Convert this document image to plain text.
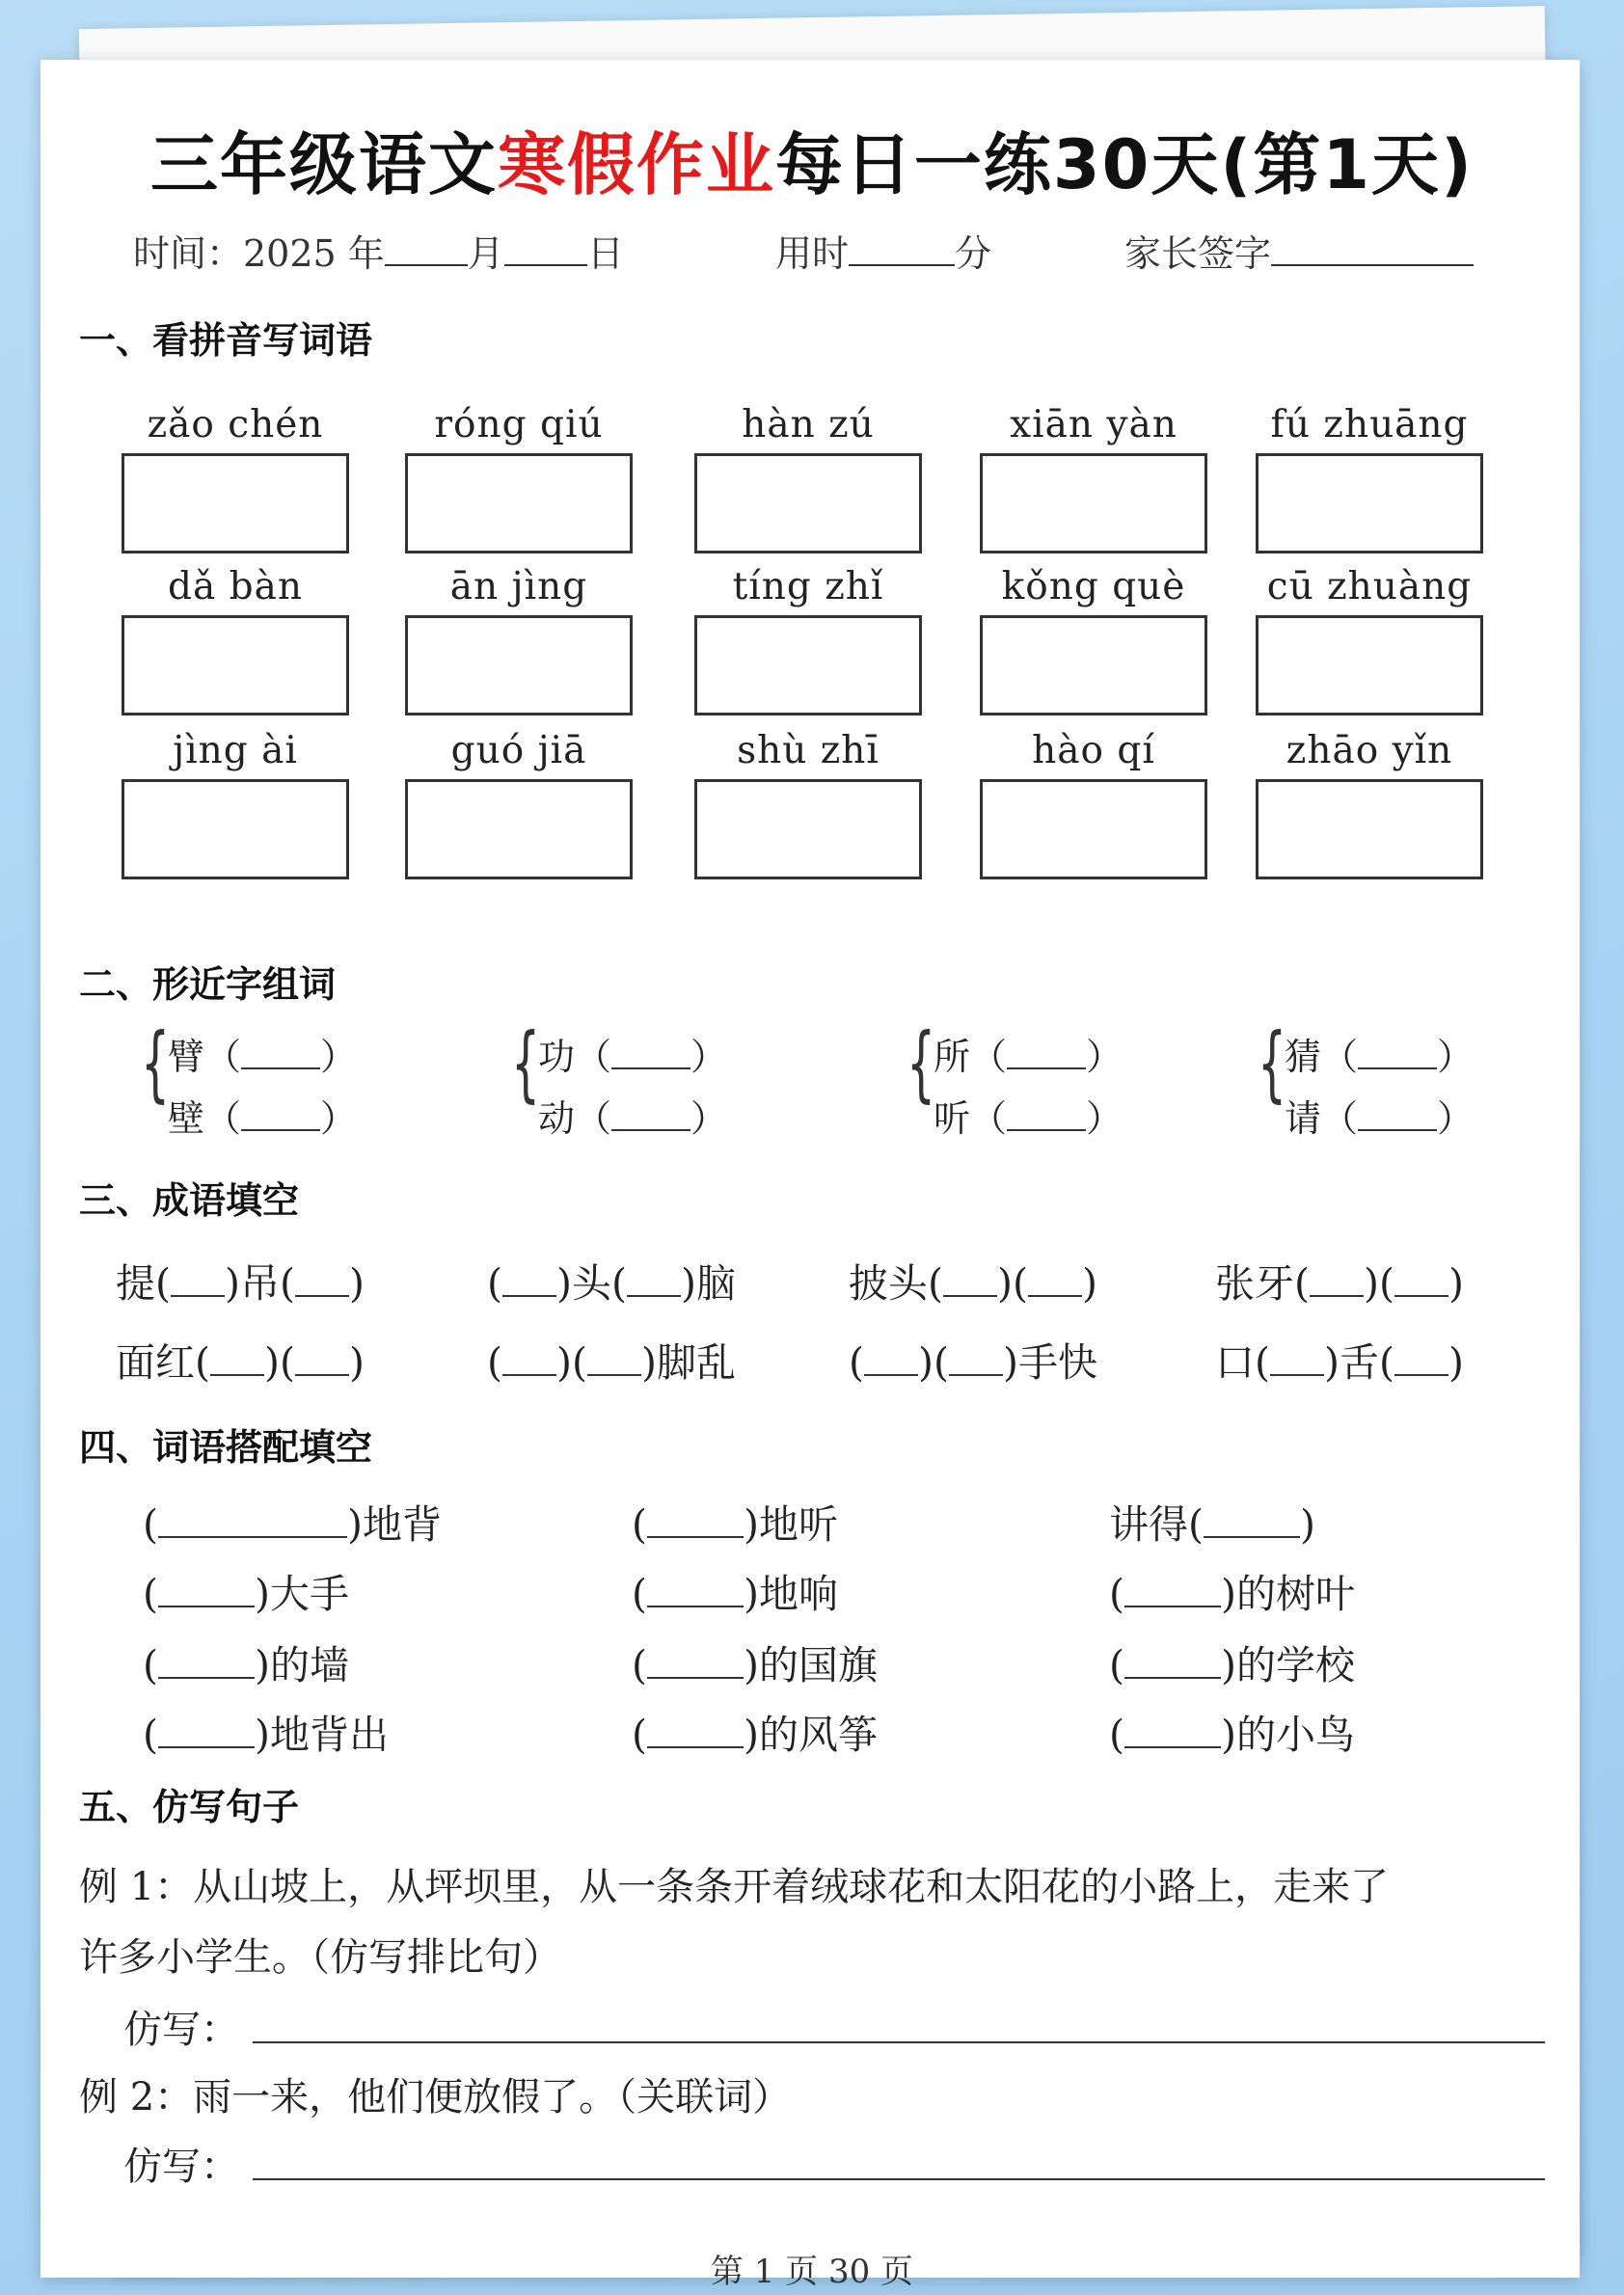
三年级语文寒假作业每日一练30天(第1天)
时间：2025 年 月 日	用时	分	家长签字
一、看拼音写词语
zǎo chén	róng qiú	hàn zú	xiān yàn	fú zhuāng
dǎ bàn	ān jìng	tíng zhǐ	kǒng què	cū zhuàng
jìng ài	guó jiā	shù zhī	hào qí	zhāo yǐn
二、形近字组词
{
臂（ ）
壁（ ）
{
功（ ）
动（ ）
{
所（ ）
听（ ）
{
猜（ ）
请（ ）
三、成语填空
提( )吊( )	( )头( )脑	披头( )( )	张牙( )( )
面红( )( )	( )( )脚乱	( )( )手快	口( )舌( )
四、词语搭配填空
(	)地背	( )地听	讲得( )
( )大手	( )地响	( )的树叶
( )的墙	( )的国旗	( )的学校
( )地背出	( )的风筝	( )的小鸟
五、仿写句子
例 1：从山坡上，从坪坝里，从一条条开着绒球花和太阳花的小路上，走来了
许多小学生。（仿写排比句）
仿写：
例 2：雨一来，他们便放假了。（关联词）
仿写：
第 1 页 30 页
